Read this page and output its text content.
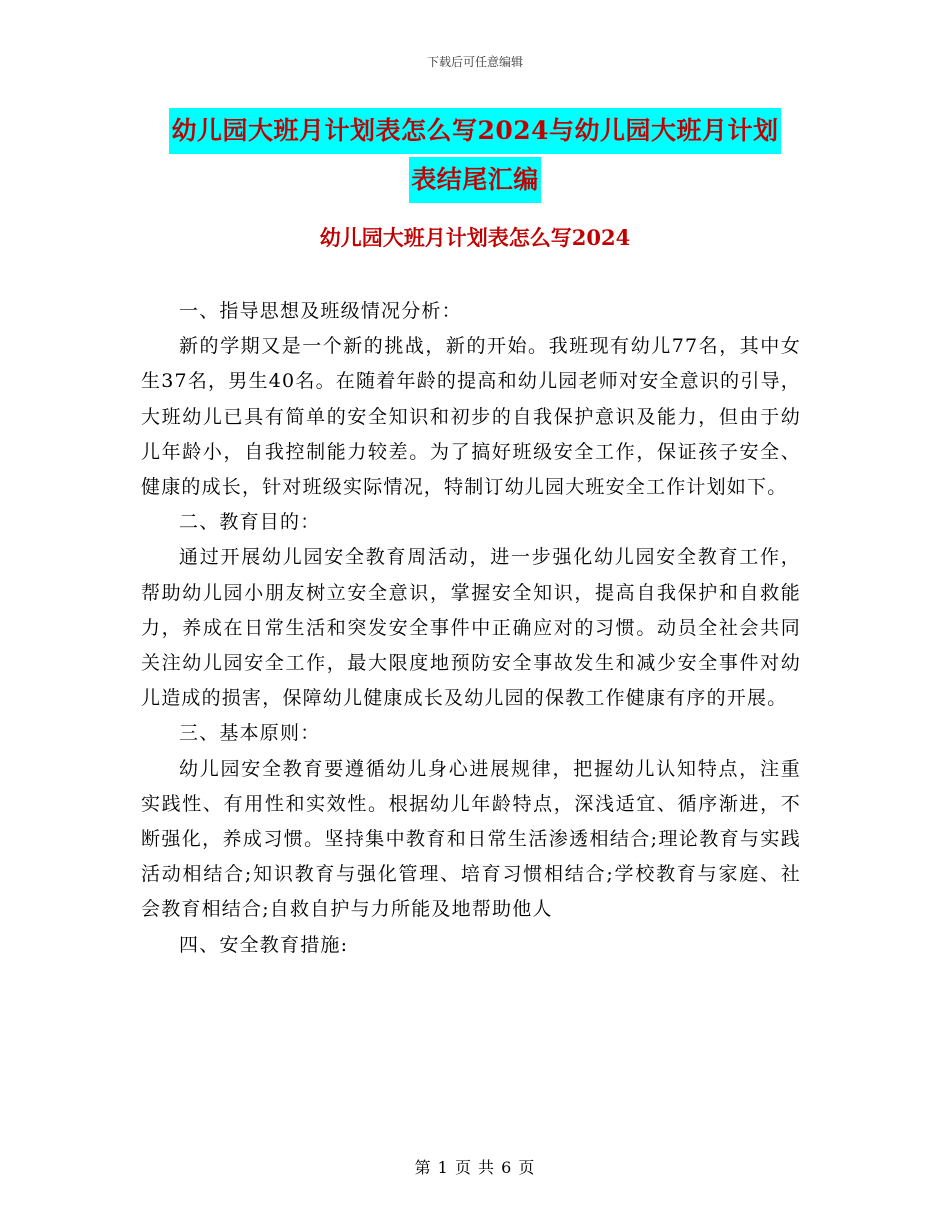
下载后可任意编辑
幼儿园大班月计划表怎么写2024与幼儿园大班月计划
表结尾汇编
幼儿园大班月计划表怎么写2024

一、指导思想及班级情况分析：

新的学期又是一个新的挑战，新的开始。我班现有幼儿77名，其中女生37名，男生40名。在随着年龄的提高和幼儿园老师对安全意识的引导，大班幼儿已具有简单的安全知识和初步的自我保护意识及能力，但由于幼儿年龄小，自我控制能力较差。为了搞好班级安全工作，保证孩子安全、健康的成长，针对班级实际情况，特制订幼儿园大班安全工作计划如下。

二、教育目的：

通过开展幼儿园安全教育周活动，进一步强化幼儿园安全教育工作，帮助幼儿园小朋友树立安全意识，掌握安全知识，提高自我保护和自救能力，养成在日常生活和突发安全事件中正确应对的习惯。动员全社会共同关注幼儿园安全工作，最大限度地预防安全事故发生和减少安全事件对幼儿造成的损害，保障幼儿健康成长及幼儿园的保教工作健康有序的开展。

三、基本原则：

幼儿园安全教育要遵循幼儿身心进展规律，把握幼儿认知特点，注重实践性、有用性和实效性。根据幼儿年龄特点，深浅适宜、循序渐进，不断强化，养成习惯。坚持集中教育和日常生活渗透相结合;理论教育与实践活动相结合;知识教育与强化管理、培育习惯相结合;学校教育与家庭、社会教育相结合;自救自护与力所能及地帮助他人

四、安全教育措施:

第 1 页 共 6 页
